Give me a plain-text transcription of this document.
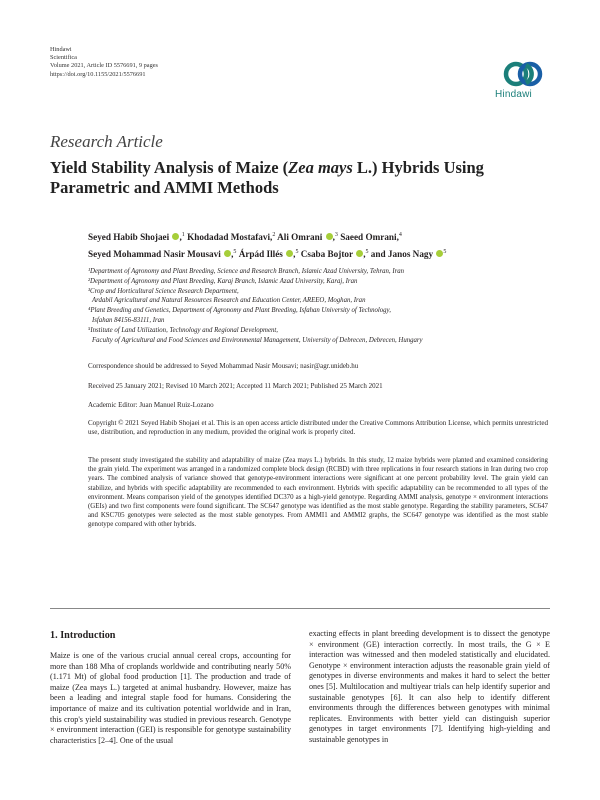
Hindawi
Scientifica
Volume 2021, Article ID 5576691, 9 pages
https://doi.org/10.1155/2021/5576691
Hindawi
Research Article
Yield Stability Analysis of Maize (Zea mays L.) Hybrids Using Parametric and AMMI Methods
Seyed Habib Shojaei ,$^1$ Khodadad Mostafavi,$^2$ Ali Omrani ,$^3$ Saeed Omrani,$^4$
Seyed Mohammad Nasir Mousavi ,$^5$ Árpád Illés ,$^5$ Csaba Bojtor ,$^5$ and Janos Nagy $^5$
¹Department of Agronomy and Plant Breeding, Science and Research Branch, Islamic Azad University, Tehran, Iran
²Department of Agronomy and Plant Breeding, Karaj Branch, Islamic Azad University, Karaj, Iran
³Crop and Horticultural Science Research Department,
Ardabil Agricultural and Natural Resources Research and Education Center, AREEO, Moghan, Iran
⁴Plant Breeding and Genetics, Department of Agronomy and Plant Breeding, Isfahan University of Technology,
Isfahan 84156-83111, Iran
⁵Institute of Land Utilization, Technology and Regional Development,
Faculty of Agricultural and Food Sciences and Environmental Management, University of Debrecen, Debrecen, Hungary
Correspondence should be addressed to Seyed Mohammad Nasir Mousavi; nasir@agr.unideb.hu
Received 25 January 2021; Revised 10 March 2021; Accepted 11 March 2021; Published 25 March 2021
Academic Editor: Juan Manuel Ruiz-Lozano
Copyright © 2021 Seyed Habib Shojaei et al. This is an open access article distributed under the Creative Commons Attribution License, which permits unrestricted use, distribution, and reproduction in any medium, provided the original work is properly cited.
The present study investigated the stability and adaptability of maize (Zea mays L.) hybrids. In this study, 12 maize hybrids were planted and examined considering the grain yield. The experiment was arranged in a randomized complete block design (RCBD) with three replications in four research stations in Iran during two crop years. The combined analysis of variance showed that genotype-environment interactions were significant at one percent probability level. The grain yield can stabilize, and hybrids with specific adaptability are recommended to each environment. Hybrids with specific adaptability can be recommended to all types of the environment. Means comparison yield of the genotypes identified DC370 as a high-yield genotype. Regarding AMMI analysis, genotype × environment interactions (GEIs) and two first components were found significant. The SC647 genotype was identified as the most stable genotype. Regarding the stability parameters, SC647 and KSC705 genotypes were selected as the most stable genotypes. From AMMI1 and AMMI2 graphs, the SC647 genotype was identified as the most stable genotype compared with other hybrids.
1. Introduction
Maize is one of the various crucial annual cereal crops, accounting for more than 188 Mha of croplands worldwide and contributing nearly 50% (1.171 Mt) of global food production [1]. The production and trade of maize (Zea mays L.) targeted at animal husbandry. However, maize has been a leading and integral staple food for humans. Considering the importance of maize and its cultivation potential worldwide and in Iran, this crop's yield sustainability was studied in previous research. Genotype × environment interaction (GEI) is responsible for genotype sustainability characteristics [2–4]. One of the usual
exacting effects in plant breeding development is to dissect the genotype × environment (GE) interaction correctly. In most trails, the G × E interaction was witnessed and then modeled statistically and elucidated. Genotype × environment interaction adjusts the reasonable grain yield of genotypes in diverse environments and makes it hard to select the better ones [5]. Multilocation and multiyear trials can help identify superior and sustainable genotypes [6]. It can also help to identify different environments through the differences between genotypes with minimal replicates. Environments with better yield can distinguish superior genotypes in target environments [7]. Identifying high-yielding and sustainable genotypes in
